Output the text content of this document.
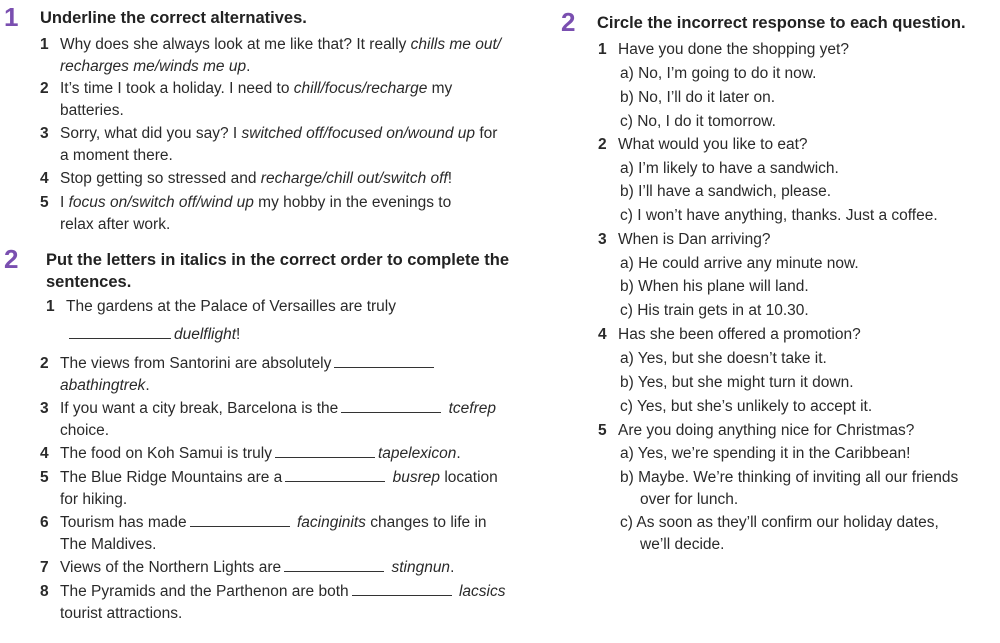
1 Underline the correct alternatives.
1 Why does she always look at me like that? It really chills me out/
recharges me/winds me up.
2 It’s time I took a holiday. I need to chill/focus/recharge my
batteries.
3 Sorry, what did you say? I switched off/focused on/wound up for
a moment there.
4 Stop getting so stressed and recharge/chill out/switch off!
5 I focus on/switch off/wind up my hobby in the evenings to
relax after work.
2 Put the letters in italics in the correct order to complete the
sentences.
1 The gardens at the Palace of Versailles are truly
duelflight!
2 The views from Santorini are absolutely
abathingtrek.
3 If you want a city break, Barcelona is the	tcefrep
choice.
4 The food on Koh Samui is truly	tapelexicon.
5 The Blue Ridge Mountains are a	busrep location
for hiking.
6 Tourism has made	facinginits changes to life in
The Maldives.
7 Views of the Northern Lights are	stingnun.
8 The Pyramids and the Parthenon are both	lacsics
tourist attractions.
2 Circle the incorrect response to each question.
1 Have you done the shopping yet?
a) No, I’m going to do it now.
b) No, I’ll do it later on.
c) No, I do it tomorrow.
2 What would you like to eat?
a) I’m likely to have a sandwich.
b) I’ll have a sandwich, please.
c) I won’t have anything, thanks. Just a coffee.
3 When is Dan arriving?
a) He could arrive any minute now.
b) When his plane will land.
c) His train gets in at 10.30.
4 Has she been offered a promotion?
a) Yes, but she doesn’t take it.
b) Yes, but she might turn it down.
c) Yes, but she’s unlikely to accept it.
5 Are you doing anything nice for Christmas?
a) Yes, we’re spending it in the Caribbean!
b) Maybe. We’re thinking of inviting all our friends
over for lunch.
c) As soon as they’ll confirm our holiday dates,
we’ll decide.
